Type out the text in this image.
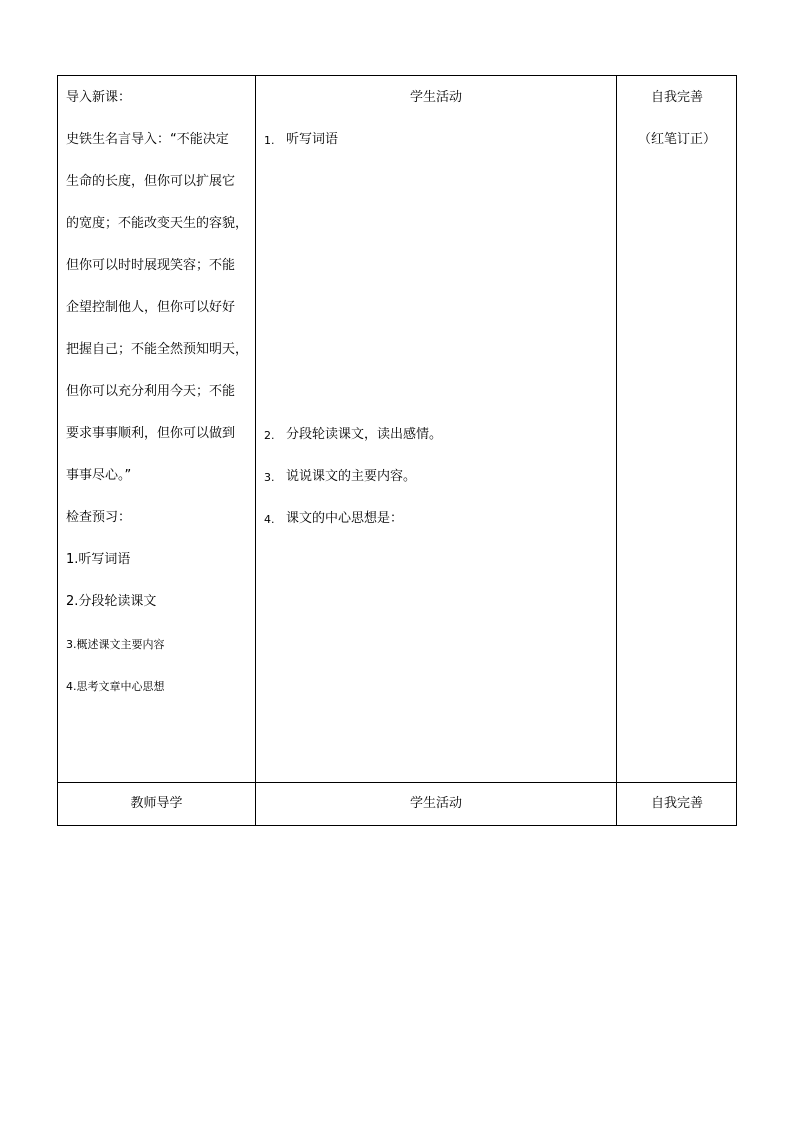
导入新课：
史铁生名言导入：“不能决定
生命的长度，但你可以扩展它
的宽度；不能改变天生的容貌，
但你可以时时展现笑容；不能
企望控制他人，但你可以好好
把握自己；不能全然预知明天，
但你可以充分利用今天；不能
要求事事顺利，但你可以做到
事事尽心。”
检查预习：
1.听写词语
2.分段轮读课文
3.概述课文主要内容
4.思考文章中心思想
学生活动
1. 听写词语
2. 分段轮读课文，读出感情。
3. 说说课文的主要内容。
4. 课文的中心思想是：
自我完善
（红笔订正）
教师导学	学生活动	自我完善
